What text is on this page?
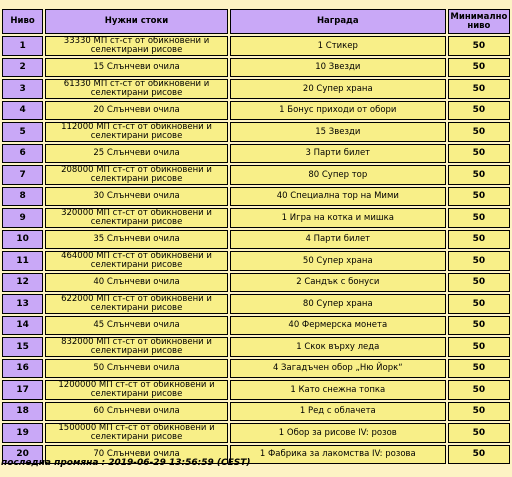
Ниво	Нужни стоки	Награда	Минимално ниво
1	33330 МП ст-ст от обикновени и селектирани рисове	1 Стикер	50
2	15 Слънчеви очила	10 Звезди	50
3	61330 МП ст-ст от обикновени и селектирани рисове	20 Супер храна	50
4	20 Слънчеви очила	1 Бонус приходи от обори	50
5	112000 МП ст-ст от обикновени и селектирани рисове	15 Звезди	50
6	25 Слънчеви очила	3 Парти билет	50
7	208000 МП ст-ст от обикновени и селектирани рисове	80 Супер тор	50
8	30 Слънчеви очила	40 Специална тор на Мими	50
9	320000 МП ст-ст от обикновени и селектирани рисове	1 Игра на котка и мишка	50
10	35 Слънчеви очила	4 Парти билет	50
11	464000 МП ст-ст от обикновени и селектирани рисове	50 Супер храна	50
12	40 Слънчеви очила	2 Сандък с бонуси	50
13	622000 МП ст-ст от обикновени и селектирани рисове	80 Супер храна	50
14	45 Слънчеви очила	40 Фермерска монета	50
15	832000 МП ст-ст от обикновени и селектирани рисове	1 Скок върху леда	50
16	50 Слънчеви очила	4 Загадъчен обор „Ню Йорк“	50
17	1200000 МП ст-ст от обикновени и селектирани рисове	1 Като снежна топка	50
18	60 Слънчеви очила	1 Ред с облачета	50
19	1500000 МП ст-ст от обикновени и селектирани рисове	1 Обор за рисове IV: розов	50
20	70 Слънчеви очила	1 Фабрика за лакомства IV: розова	50
последна промяна : 2019-06-29 13:56:59 (CEST)
